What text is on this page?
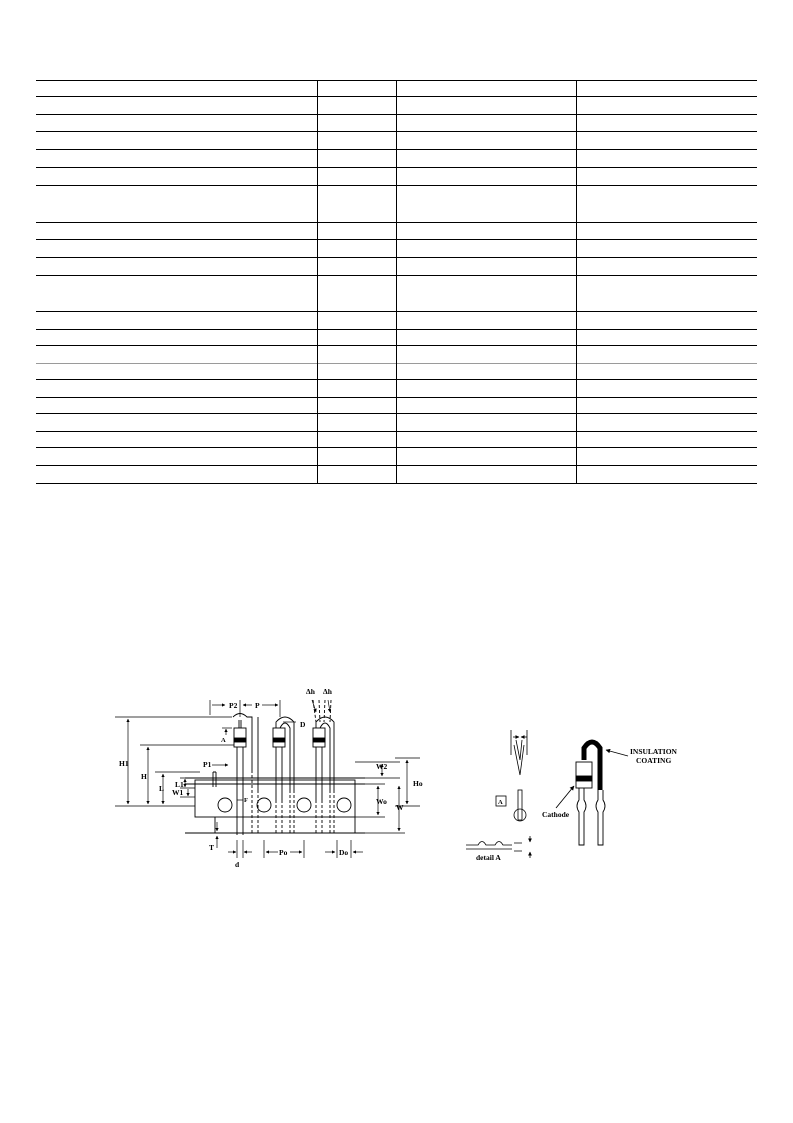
P2 P
Δh Δh
D
A
H1
H
P1
L1
L W1
F
W2
Ho
Wo
W
T
Po	Do
d
A
detail A
INSULATION
COATING
Cathode
